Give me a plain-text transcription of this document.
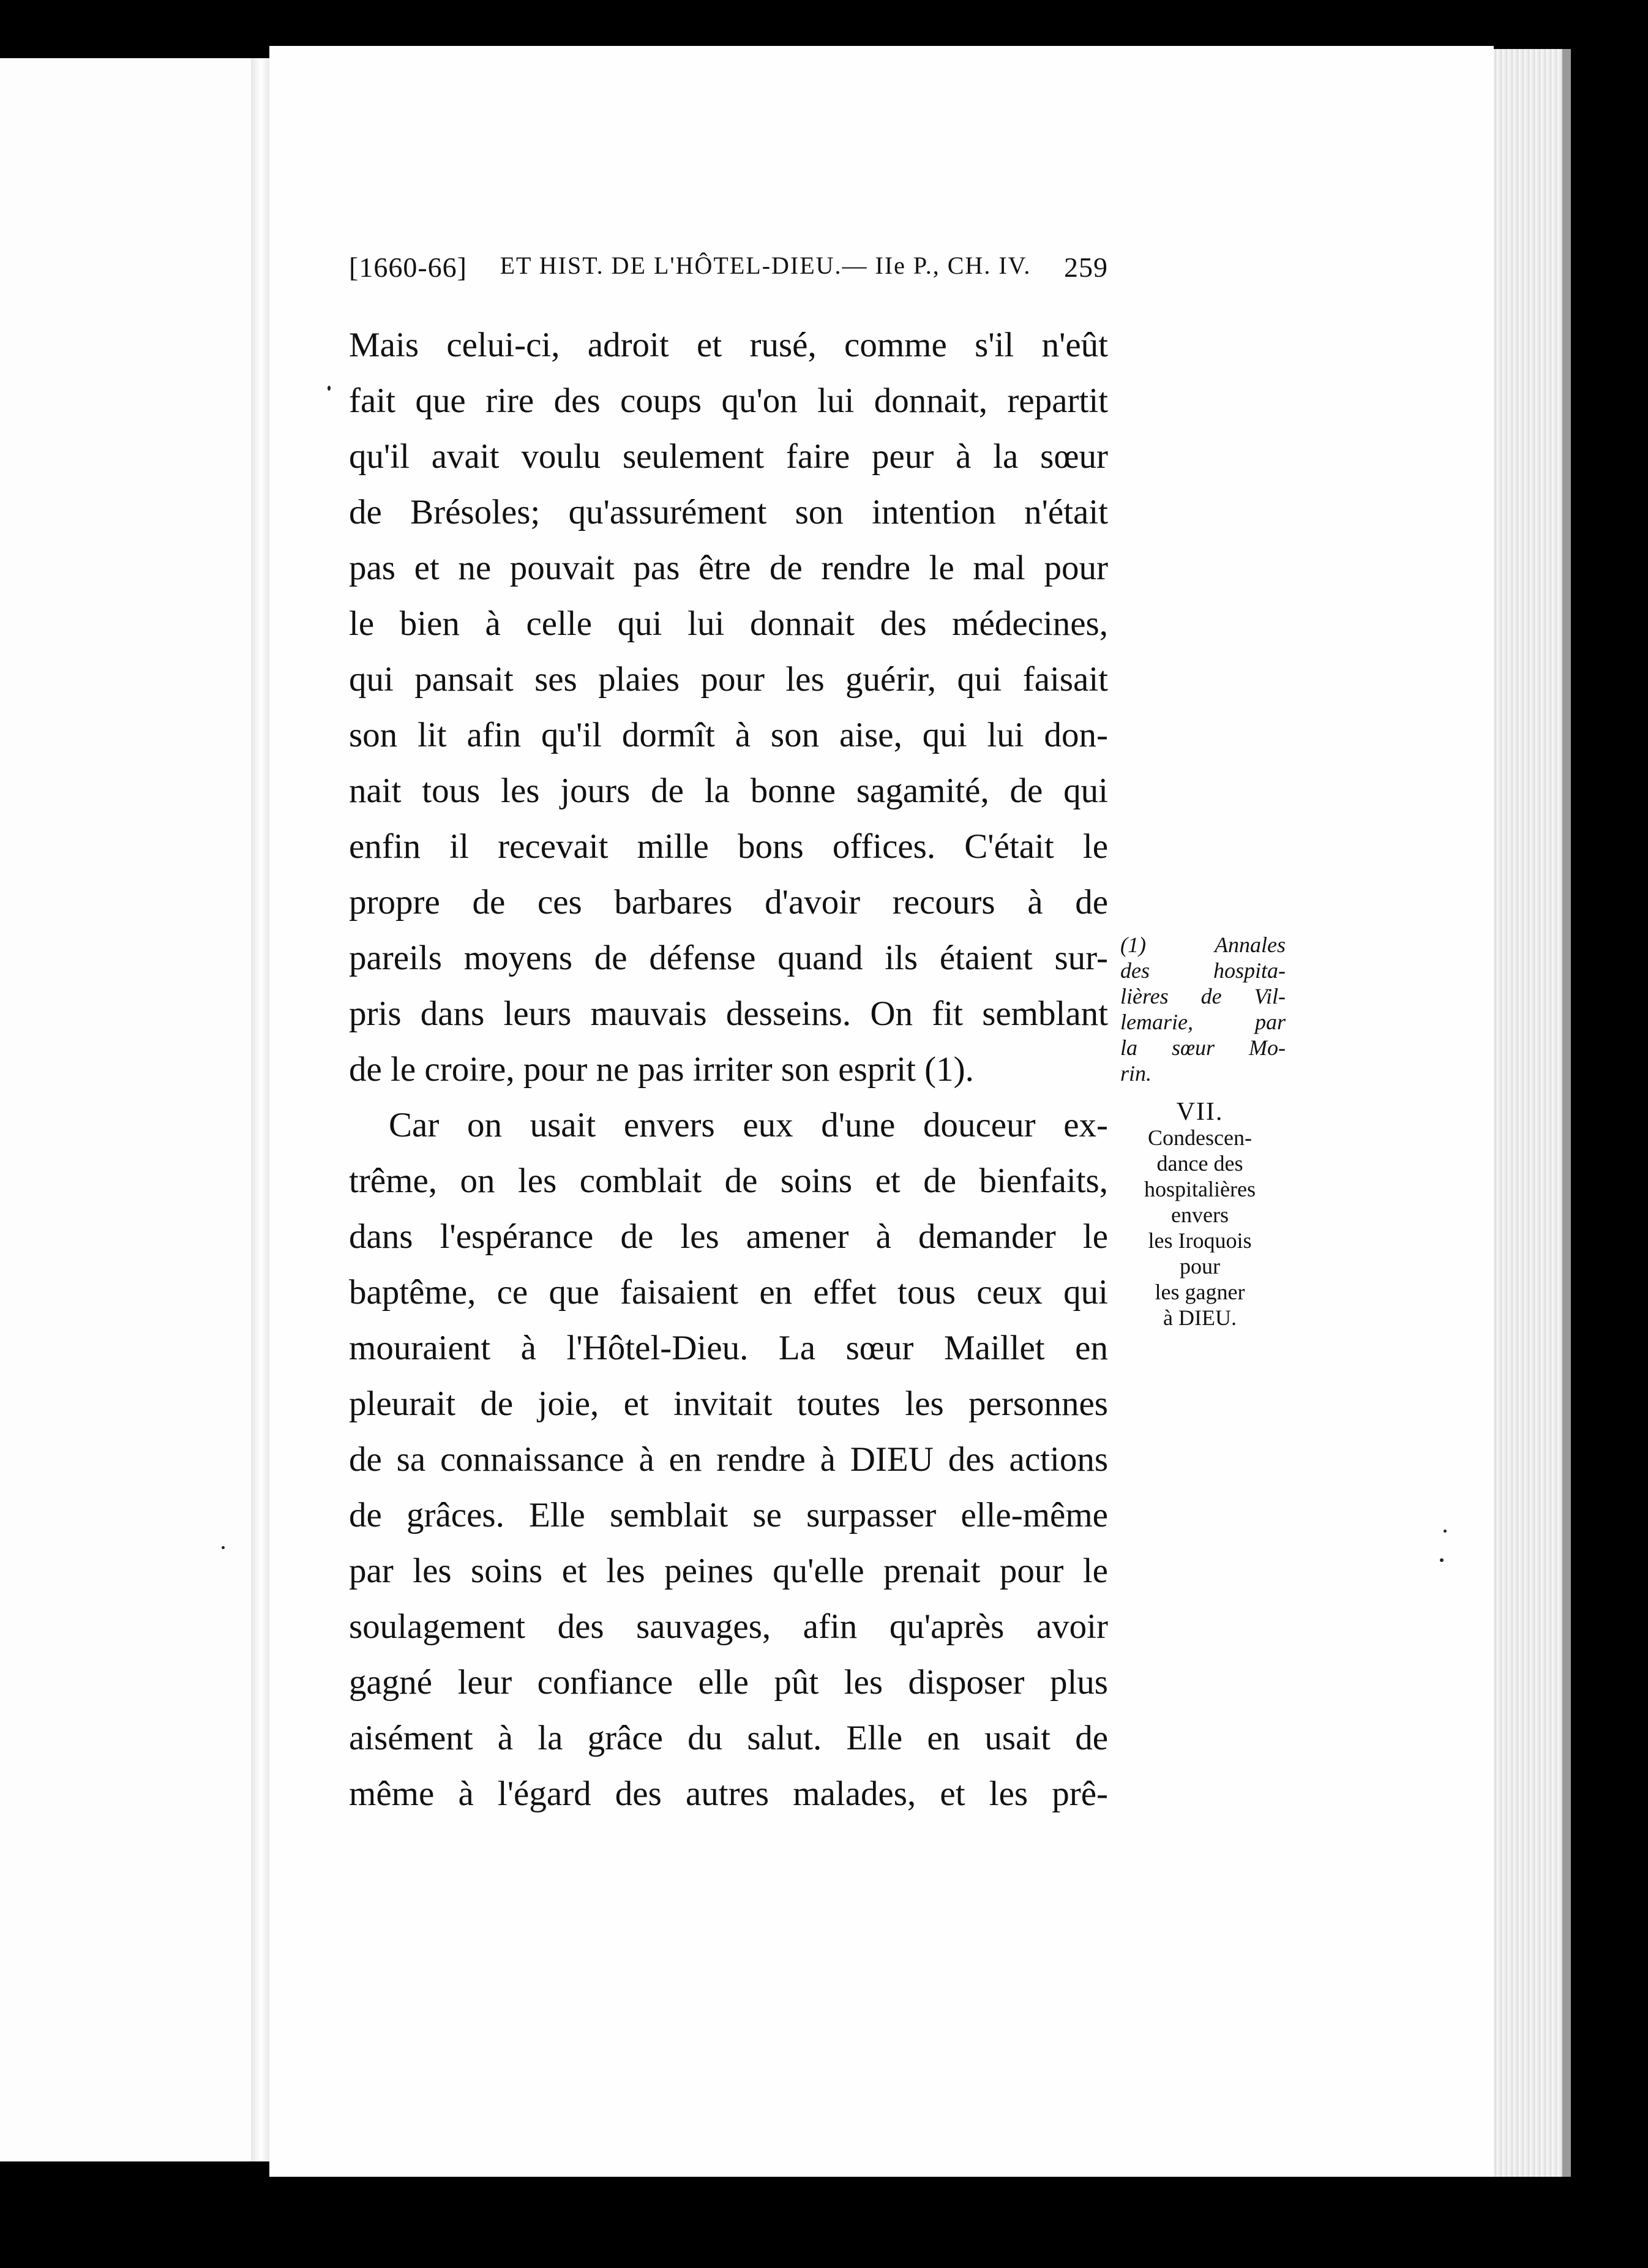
[1660-66] ET HIST. DE L'HÔTEL-DIEU.— IIe P., CH. IV. 259
Mais celui-ci, adroit et rusé, comme s'il n'eût
fait que rire des coups qu'on lui donnait, repartit
qu'il avait voulu seulement faire peur à la sœur
de Brésoles; qu'assurément son intention n'était
pas et ne pouvait pas être de rendre le mal pour
le bien à celle qui lui donnait des médecines,
qui pansait ses plaies pour les guérir, qui faisait
son lit afin qu'il dormît à son aise, qui lui don-
nait tous les jours de la bonne sagamité, de qui
enfin il recevait mille bons offices. C'était le
propre de ces barbares d'avoir recours à de
pareils moyens de défense quand ils étaient sur-
pris dans leurs mauvais desseins. On fit semblant
de le croire, pour ne pas irriter son esprit (1).
Car on usait envers eux d'une douceur ex-
trême, on les comblait de soins et de bienfaits,
dans l'espérance de les amener à demander le
baptême, ce que faisaient en effet tous ceux qui
mouraient à l'Hôtel-Dieu. La sœur Maillet en
pleurait de joie, et invitait toutes les personnes
de sa connaissance à en rendre à DIEU des actions
de grâces. Elle semblait se surpasser elle-même
par les soins et les peines qu'elle prenait pour le
soulagement des sauvages, afin qu'après avoir
gagné leur confiance elle pût les disposer plus
aisément à la grâce du salut. Elle en usait de
même à l'égard des autres malades, et les prê-
(1) Annales
des hospita-
lières de Vil-
lemarie, par
la sœur Mo-
rin.
VII.
Condescen-
dance des
hospitalières
envers
les Iroquois
pour
les gagner
à DIEU.
